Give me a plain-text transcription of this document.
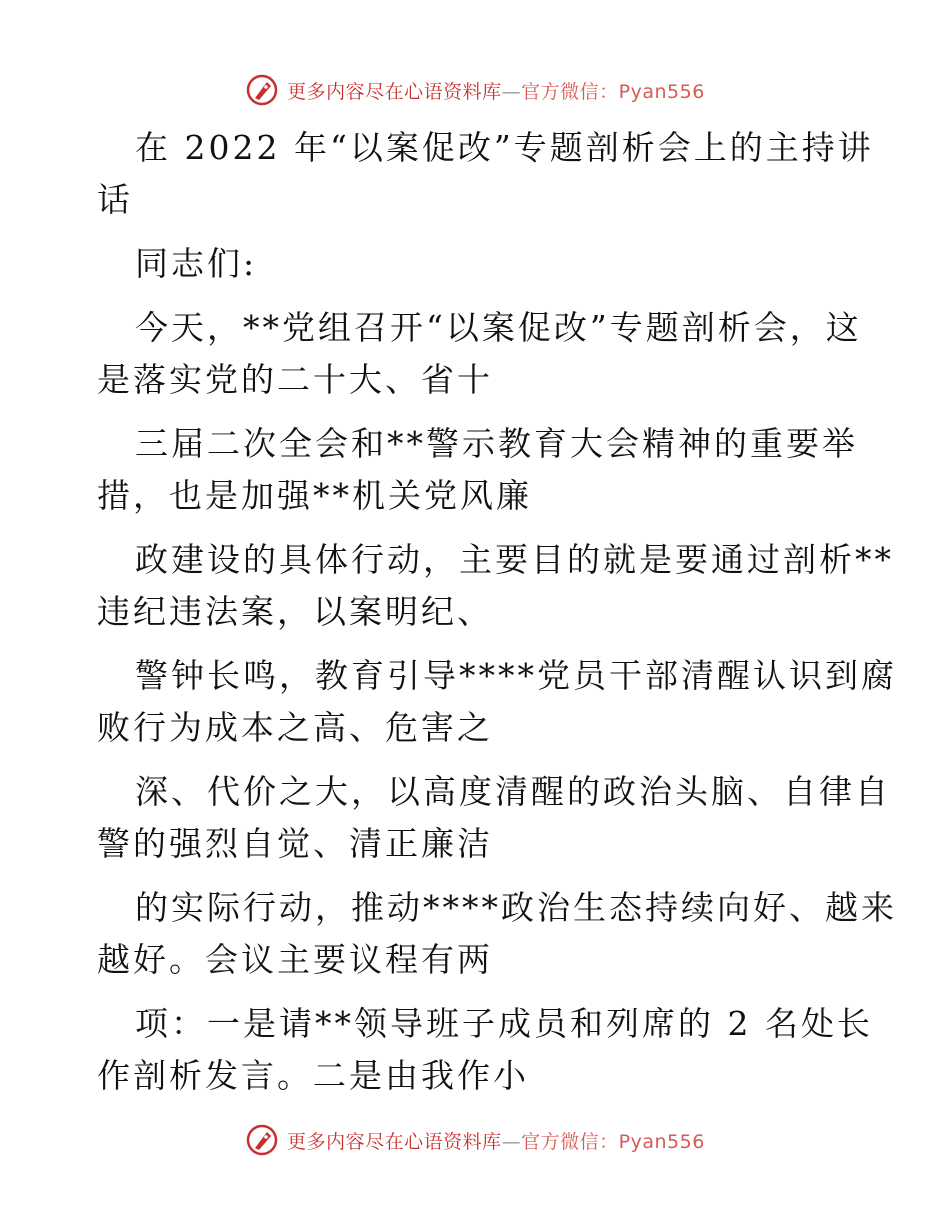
更多内容尽在心语资料库—官方微信：Pyan556
在 2022 年“以案促改”专题剖析会上的主持讲
话
同志们:
今天，**党组召开“以案促改”专题剖析会，这
是落实党的二十大、省十
三届二次全会和**警示教育大会精神的重要举
措，也是加强**机关党风廉
政建设的具体行动，主要目的就是要通过剖析**
违纪违法案，以案明纪、
警钟长鸣，教育引导****党员干部清醒认识到腐
败行为成本之高、危害之
深、代价之大，以高度清醒的政治头脑、自律自
警的强烈自觉、清正廉洁
的实际行动，推动****政治生态持续向好、越来
越好。会议主要议程有两
项：一是请**领导班子成员和列席的 2 名处长
作剖析发言。二是由我作小
更多内容尽在心语资料库—官方微信：Pyan556
